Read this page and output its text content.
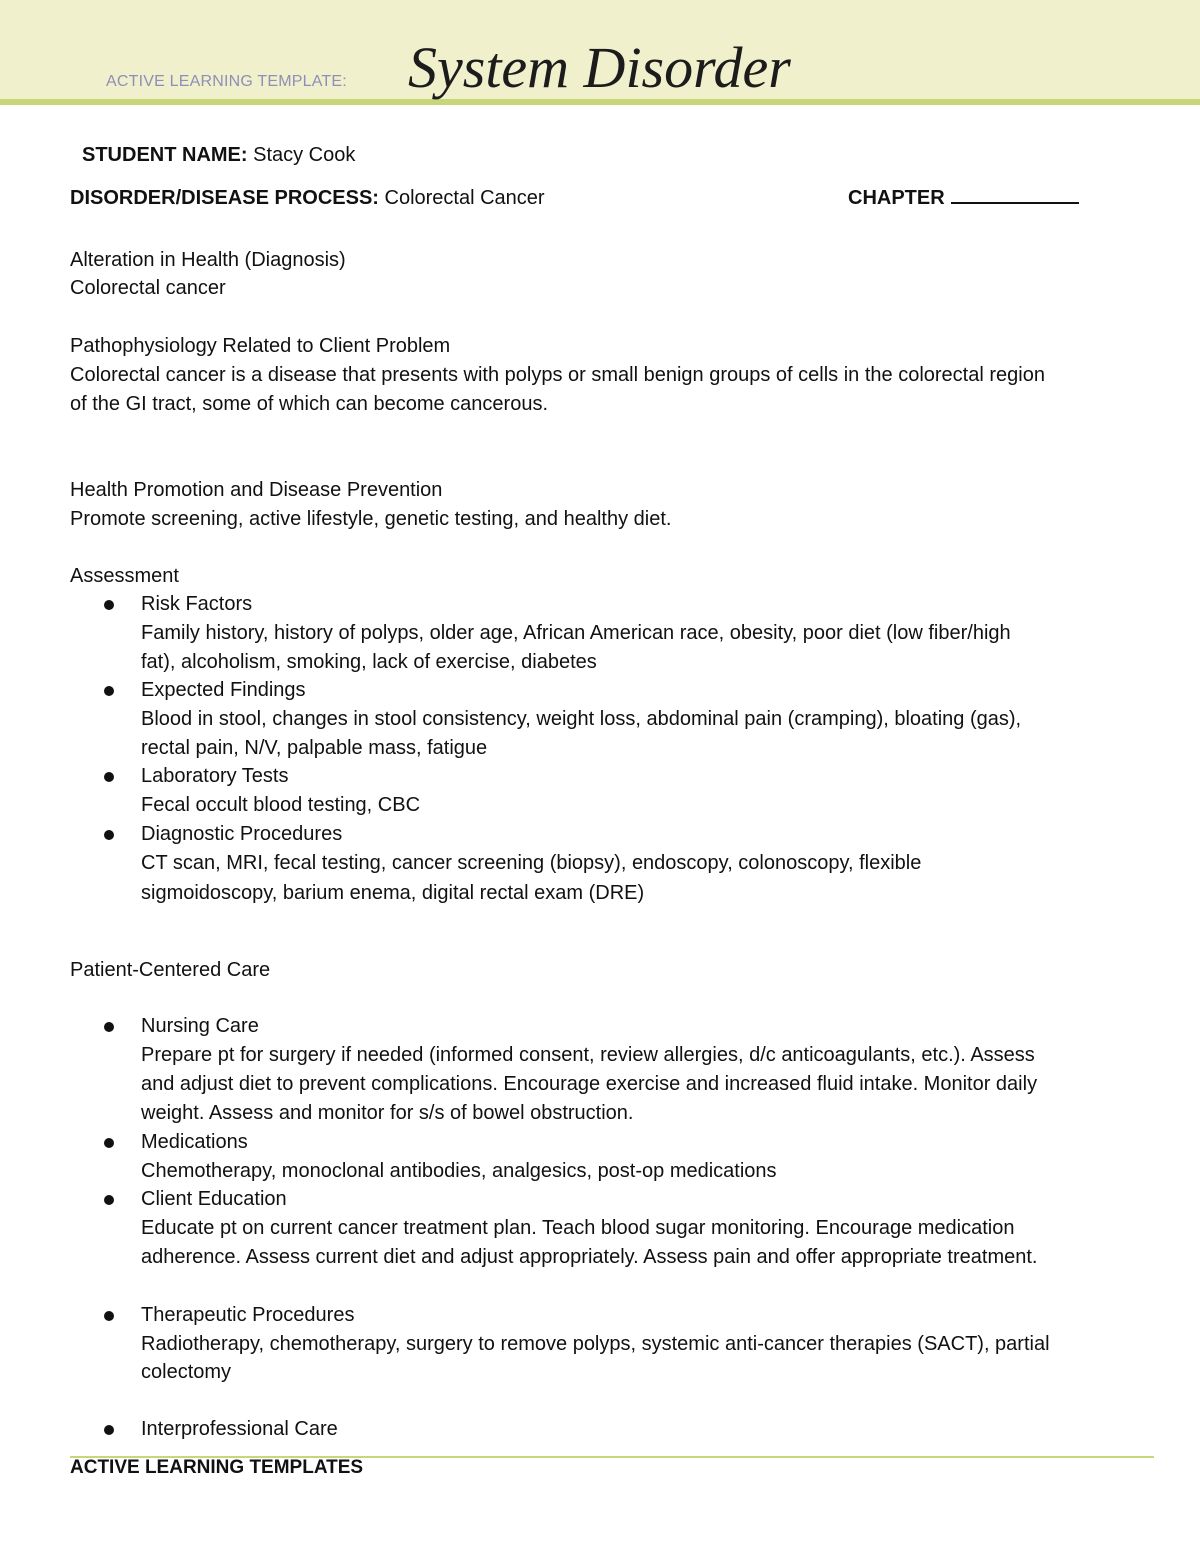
ACTIVE LEARNING TEMPLATE: System Disorder
STUDENT NAME: Stacy Cook
DISORDER/DISEASE PROCESS: Colorectal Cancer	CHAPTER
Alteration in Health (Diagnosis)
Colorectal cancer
Pathophysiology Related to Client Problem
Colorectal cancer is a disease that presents with polyps or small benign groups of cells in the colorectal region
of the GI tract, some of which can become cancerous.
Health Promotion and Disease Prevention
Promote screening, active lifestyle, genetic testing, and healthy diet.
Assessment
Risk Factors
Family history, history of polyps, older age, African American race, obesity, poor diet (low fiber/high
fat), alcoholism, smoking, lack of exercise, diabetes
Expected Findings
Blood in stool, changes in stool consistency, weight loss, abdominal pain (cramping), bloating (gas),
rectal pain, N/V, palpable mass, fatigue
Laboratory Tests
Fecal occult blood testing, CBC
Diagnostic Procedures
CT scan, MRI, fecal testing, cancer screening (biopsy), endoscopy, colonoscopy, flexible
sigmoidoscopy, barium enema, digital rectal exam (DRE)
Patient-Centered Care
Nursing Care
Prepare pt for surgery if needed (informed consent, review allergies, d/c anticoagulants, etc.). Assess
and adjust diet to prevent complications. Encourage exercise and increased fluid intake. Monitor daily
weight. Assess and monitor for s/s of bowel obstruction.
Medications
Chemotherapy, monoclonal antibodies, analgesics, post-op medications
Client Education
Educate pt on current cancer treatment plan. Teach blood sugar monitoring. Encourage medication
adherence. Assess current diet and adjust appropriately. Assess pain and offer appropriate treatment.
Therapeutic Procedures
Radiotherapy, chemotherapy, surgery to remove polyps, systemic anti-cancer therapies (SACT), partial
colectomy
Interprofessional Care
ACTIVE LEARNING TEMPLATES
